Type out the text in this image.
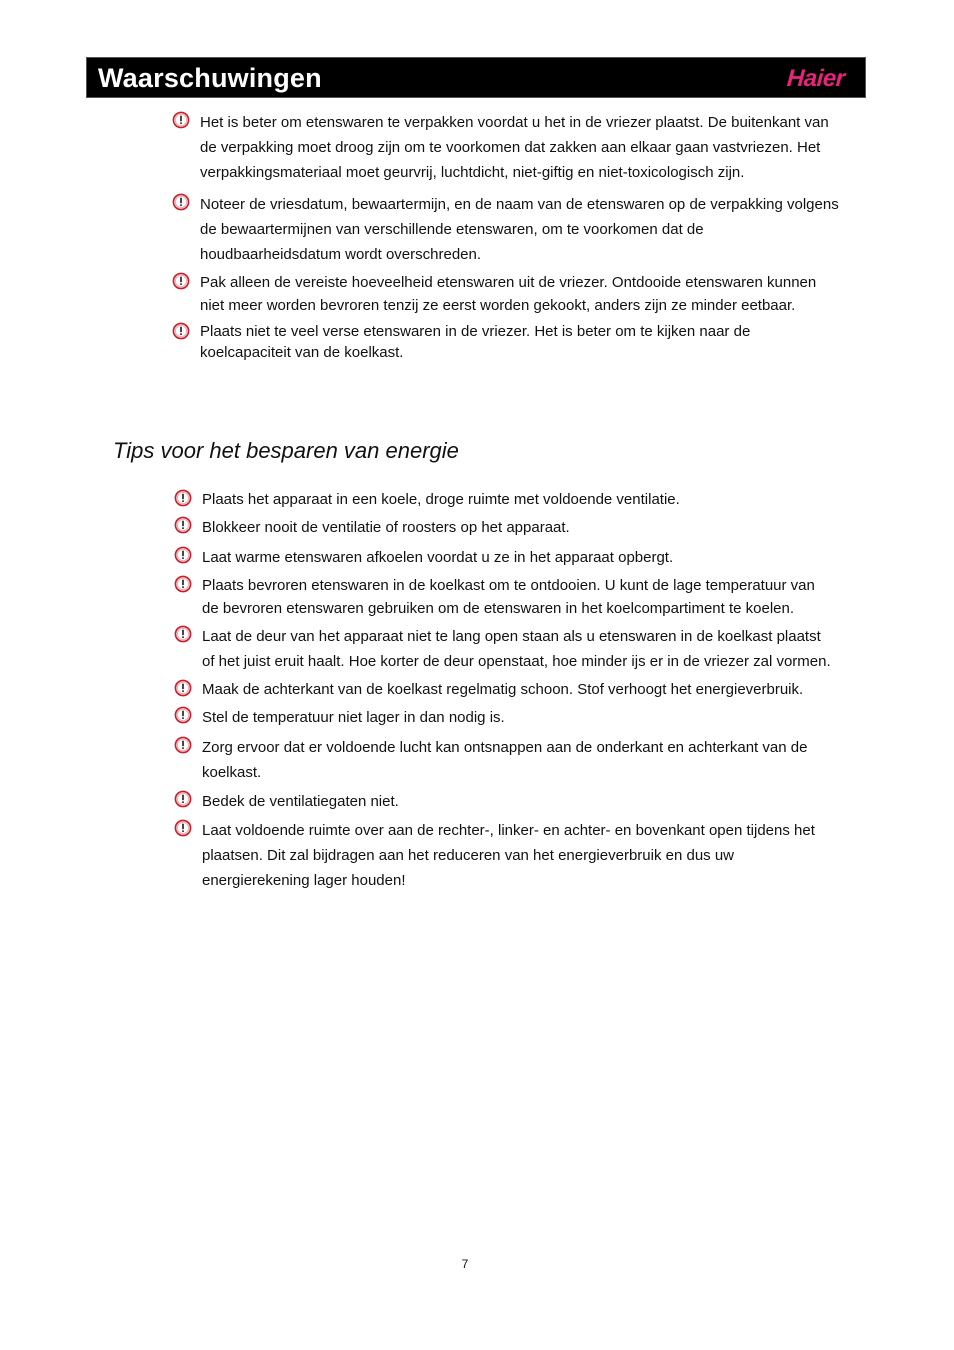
Waarschuwingen	Haier
Het is beter om etenswaren te verpakken voordat u het in de vriezer plaatst. De buitenkant van de verpakking moet droog zijn om te voorkomen dat zakken aan elkaar gaan vastvriezen. Het verpakkingsmateriaal moet geurvrij, luchtdicht, niet-giftig en niet-toxicologisch zijn.
Noteer de vriesdatum, bewaartermijn, en de naam van de etenswaren op de verpakking volgens de bewaartermijnen van verschillende etenswaren, om te voorkomen dat de houdbaarheidsdatum wordt overschreden.
Pak alleen de vereiste hoeveelheid etenswaren uit de vriezer. Ontdooide etenswaren kunnen niet meer worden bevroren tenzij ze eerst worden gekookt, anders zijn ze minder eetbaar.
Plaats niet te veel verse etenswaren in de vriezer. Het is beter om te kijken naar de koelcapaciteit van de koelkast.
Tips voor het besparen van energie
Plaats het apparaat in een koele, droge ruimte met voldoende ventilatie.
Blokkeer nooit de ventilatie of roosters op het apparaat.
Laat warme etenswaren afkoelen voordat u ze in het apparaat opbergt.
Plaats bevroren etenswaren in de koelkast om te ontdooien. U kunt de lage temperatuur van de bevroren etenswaren gebruiken om de etenswaren in het koelcompartiment te koelen.
Laat de deur van het apparaat niet te lang open staan als u etenswaren in de koelkast plaatst of het juist eruit haalt. Hoe korter de deur openstaat, hoe minder ijs er in de vriezer zal vormen.
Maak de achterkant van de koelkast regelmatig schoon. Stof verhoogt het energieverbruik.
Stel de temperatuur niet lager in dan nodig is.
Zorg ervoor dat er voldoende lucht kan ontsnappen aan de onderkant en achterkant van de koelkast.
Bedek de ventilatiegaten niet.
Laat voldoende ruimte over aan de rechter-, linker- en achter- en bovenkant open tijdens het plaatsen. Dit zal bijdragen aan het reduceren van het energieverbruik en dus uw energierekening lager houden!
7
